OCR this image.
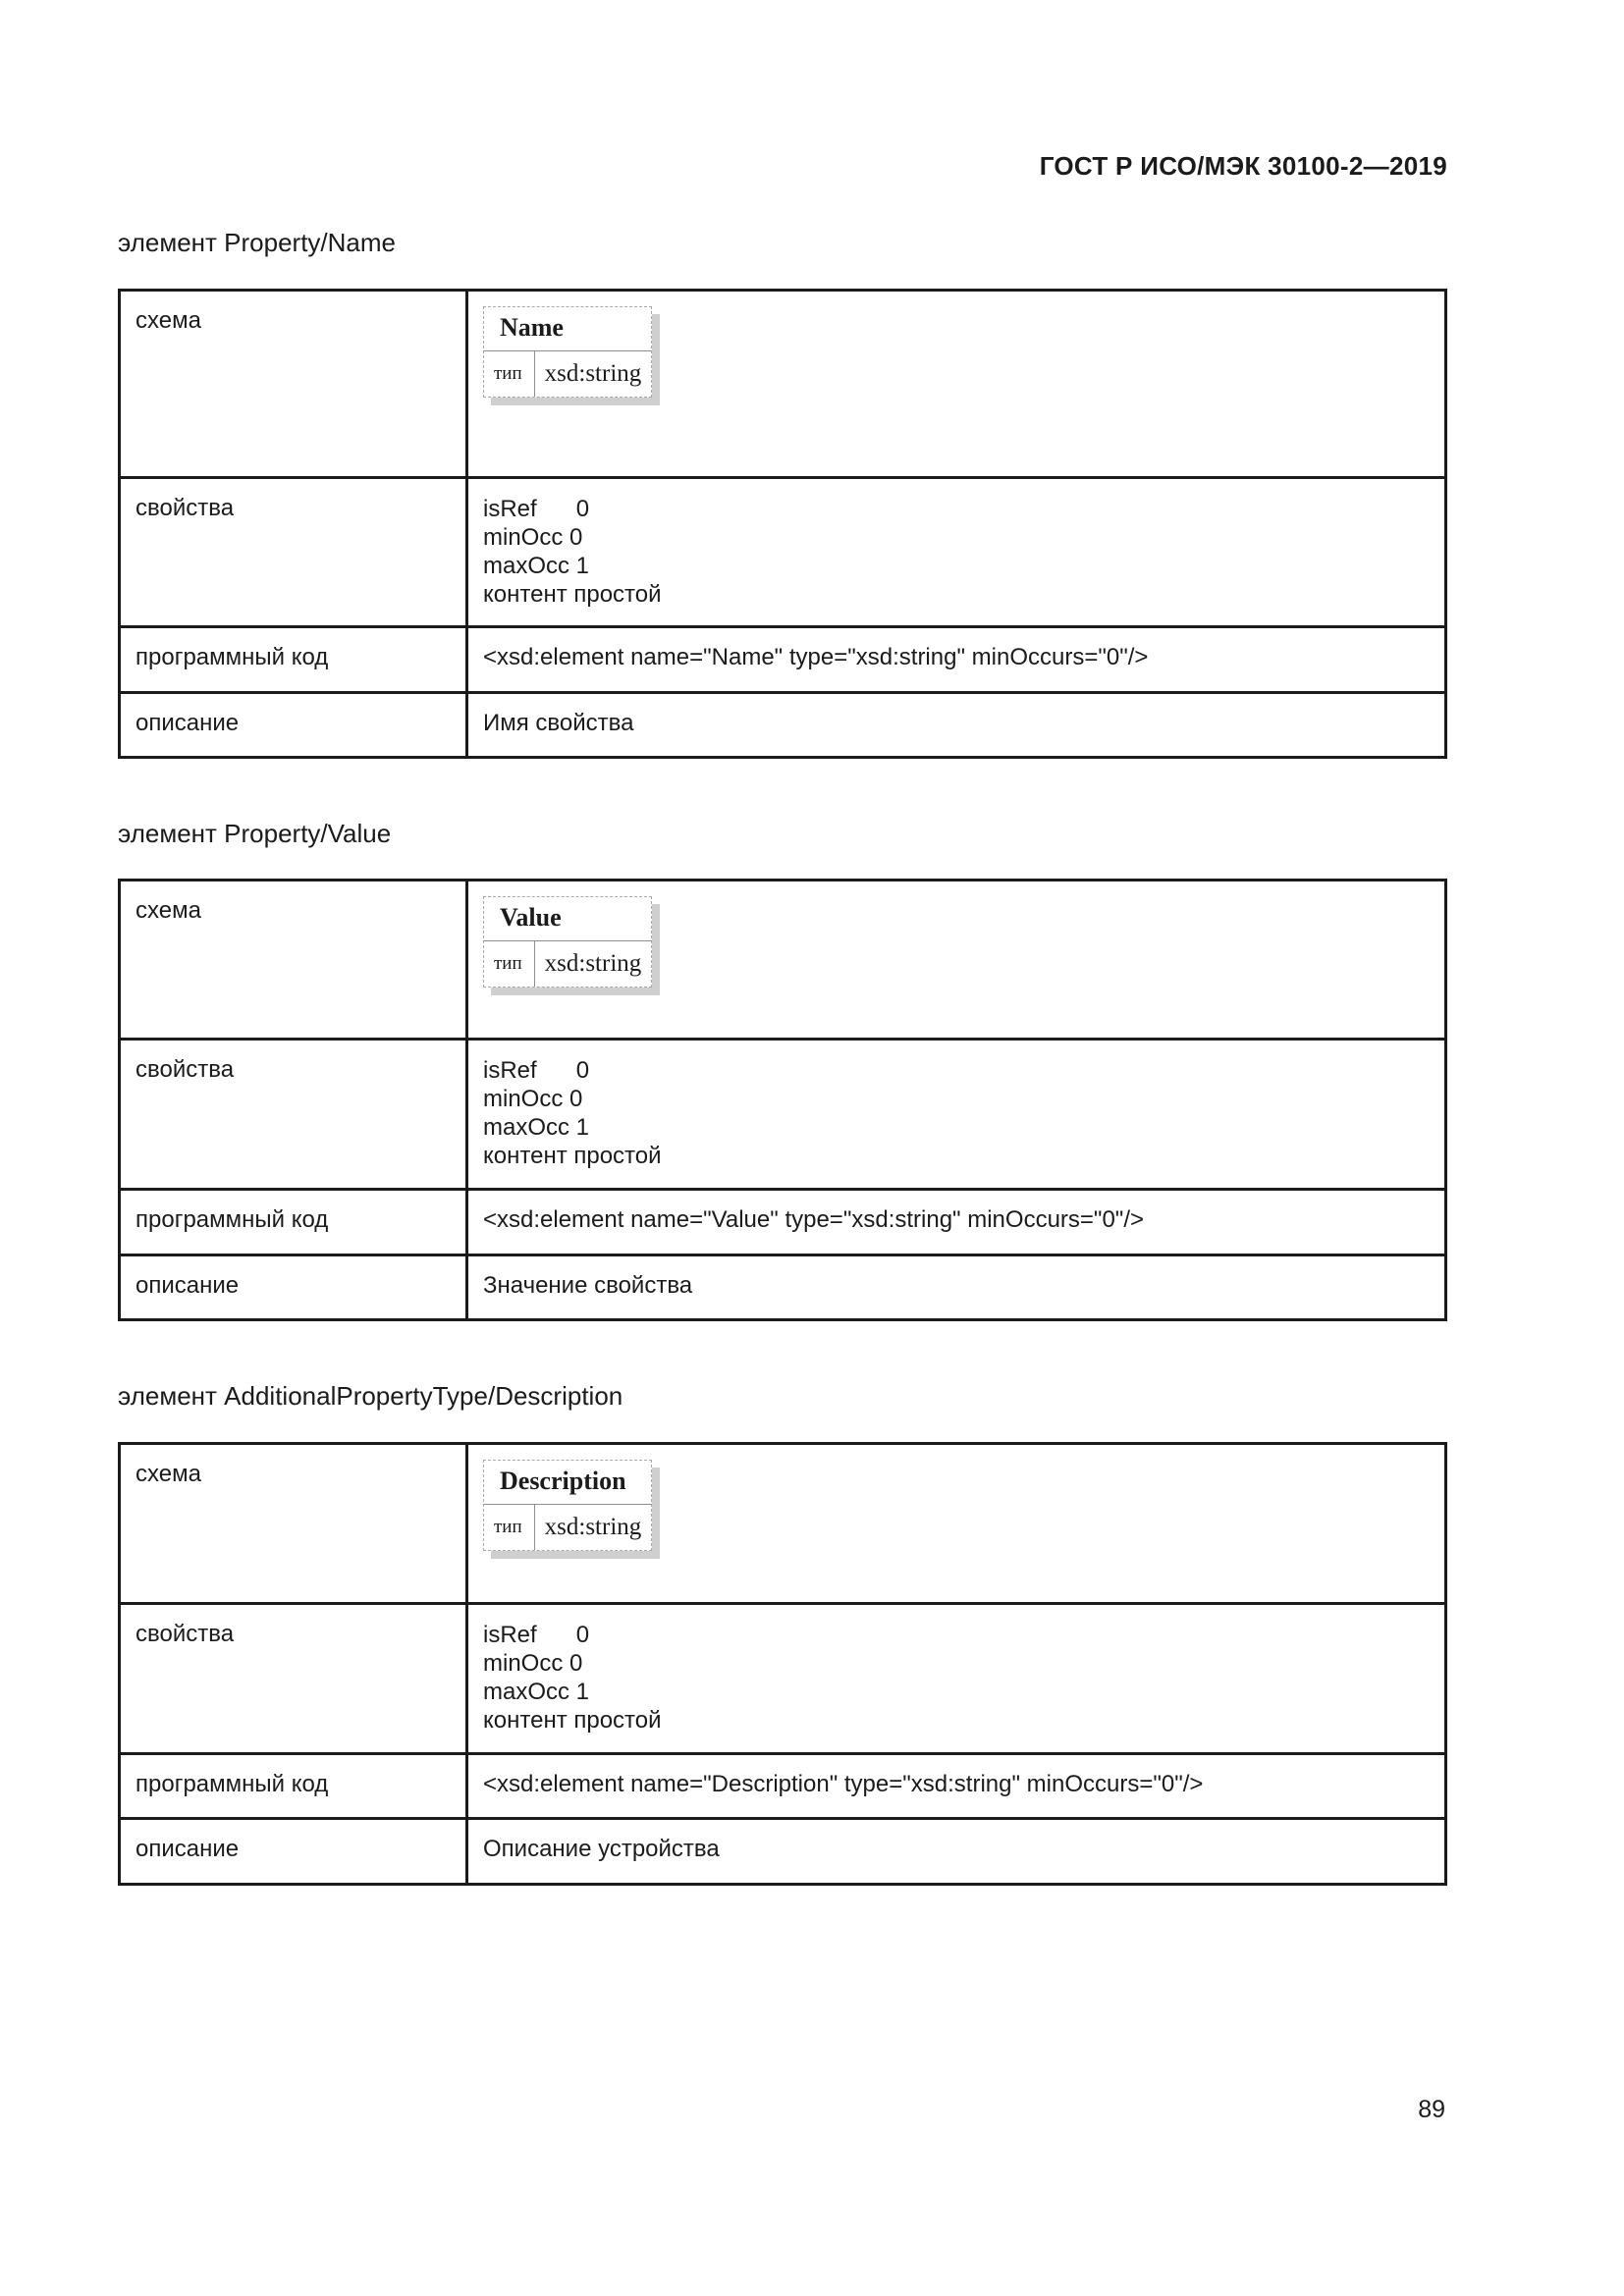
ГОСТ Р ИСО/МЭК 30100-2—2019
элемент Property/Name
схема	Name
тип xsd:string

свойства	isRef      0
minOcc 0
maxOcc 1
контент простой

программный код	<xsd:element name="Name" type="xsd:string" minOccurs="0"/>
описание	Имя свойства
элемент Property/Value
схема	Value
тип xsd:string

свойства	isRef      0
minOcc 0
maxOcc 1
контент простой

программный код	<xsd:element name="Value" type="xsd:string" minOccurs="0"/>
описание	Значение свойства
элемент AdditionalPropertyType/Description
схема	Description
тип xsd:string

свойства	isRef      0
minOcc 0
maxOcc 1
контент простой

программный код	<xsd:element name="Description" type="xsd:string" minOccurs="0"/>
описание	Описание устройства
89
